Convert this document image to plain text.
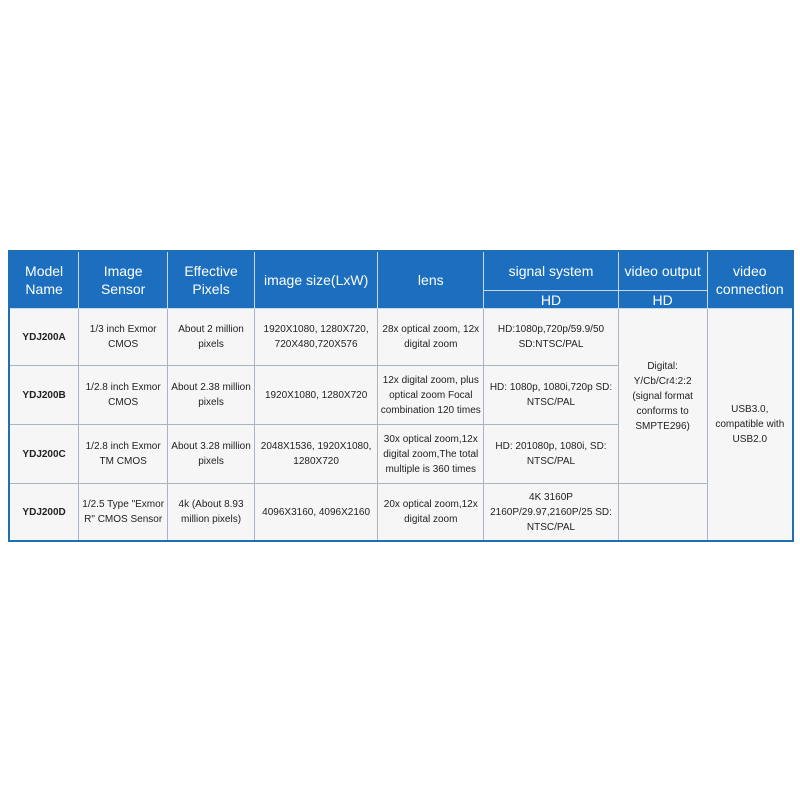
Model Name	Image Sensor	Effective Pixels	image size(LxW)	lens	signal system	video output	video connection
					HD	HD	
YDJ200A	1/3 inch Exmor CMOS	About 2 million pixels	1920X1080, 1280X720, 720X480,720X576	28x optical zoom, 12x digital zoom	HD:1080p,720p/59.9/50 SD:NTSC/PAL	Digital: Y/Cb/Cr4:2:2 (signal format conforms to SMPTE296)	USB3.0, compatible with USB2.0
YDJ200B	1/2.8 inch Exmor CMOS	About 2.38 million pixels	1920X1080, 1280X720	12x digital zoom, plus optical zoom Focal combination 120 times	HD: 1080p, 1080i,720p SD: NTSC/PAL		
YDJ200C	1/2.8 inch Exmor TM CMOS	About 3.28 million pixels	2048X1536, 1920X1080, 1280X720	30x optical zoom,12x digital zoom,The total multiple is 360 times	HD: 201080p, 1080i, SD: NTSC/PAL		
YDJ200D	1/2.5 Type "Exmor R" CMOS Sensor	4k (About 8.93 million pixels)	4096X3160, 4096X2160	20x optical zoom,12x digital zoom	4K 3160P 2160P/29.97,2160P/25 SD: NTSC/PAL		
